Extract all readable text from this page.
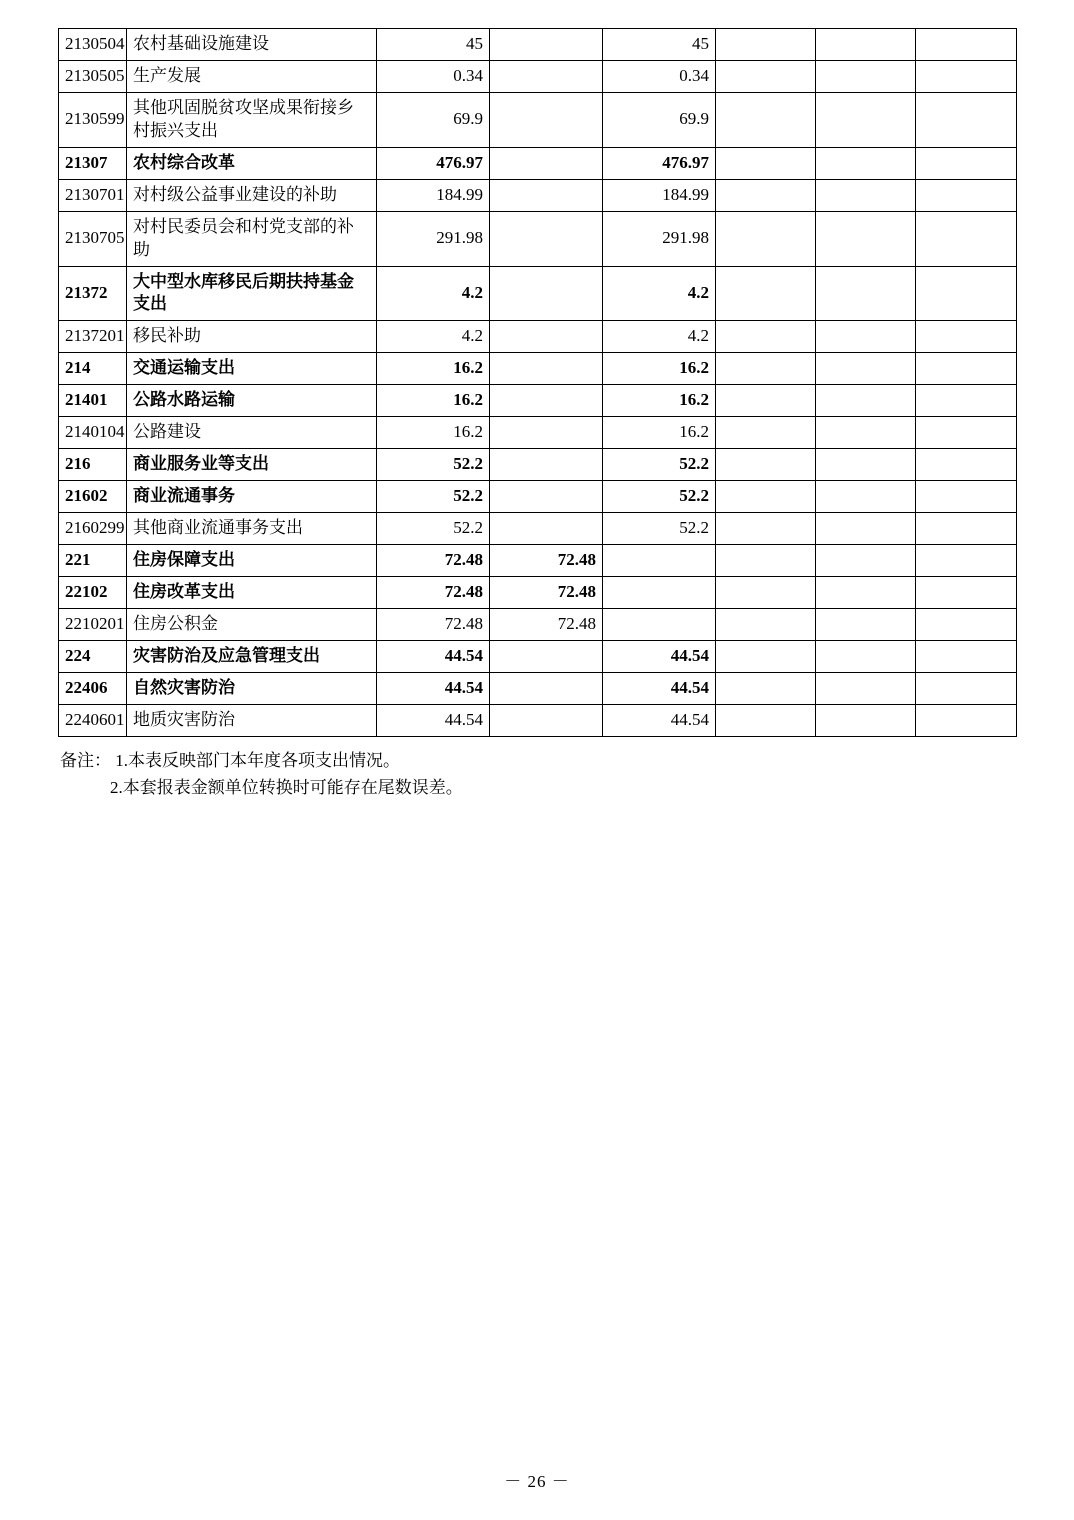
2130504	农村基础设施建设	45		45			
2130505	生产发展	0.34		0.34			
2130599	其他巩固脱贫攻坚成果衔接乡村振兴支出	69.9		69.9			
21307	农村综合改革	476.97		476.97			
2130701	对村级公益事业建设的补助	184.99		184.99			
2130705	对村民委员会和村党支部的补助	291.98		291.98			
21372	大中型水库移民后期扶持基金支出	4.2		4.2			
2137201	移民补助	4.2		4.2			
214	交通运输支出	16.2		16.2			
21401	公路水路运输	16.2		16.2			
2140104	公路建设	16.2		16.2			
216	商业服务业等支出	52.2		52.2			
21602	商业流通事务	52.2		52.2			
2160299	其他商业流通事务支出	52.2		52.2			
221	住房保障支出	72.48	72.48				
22102	住房改革支出	72.48	72.48				
2210201	住房公积金	72.48	72.48				
224	灾害防治及应急管理支出	44.54		44.54			
22406	自然灾害防治	44.54		44.54			
2240601	地质灾害防治	44.54		44.54			
备注： 1.本表反映部门本年度各项支出情况。
2.本套报表金额单位转换时可能存在尾数误差。
－ 26 －
